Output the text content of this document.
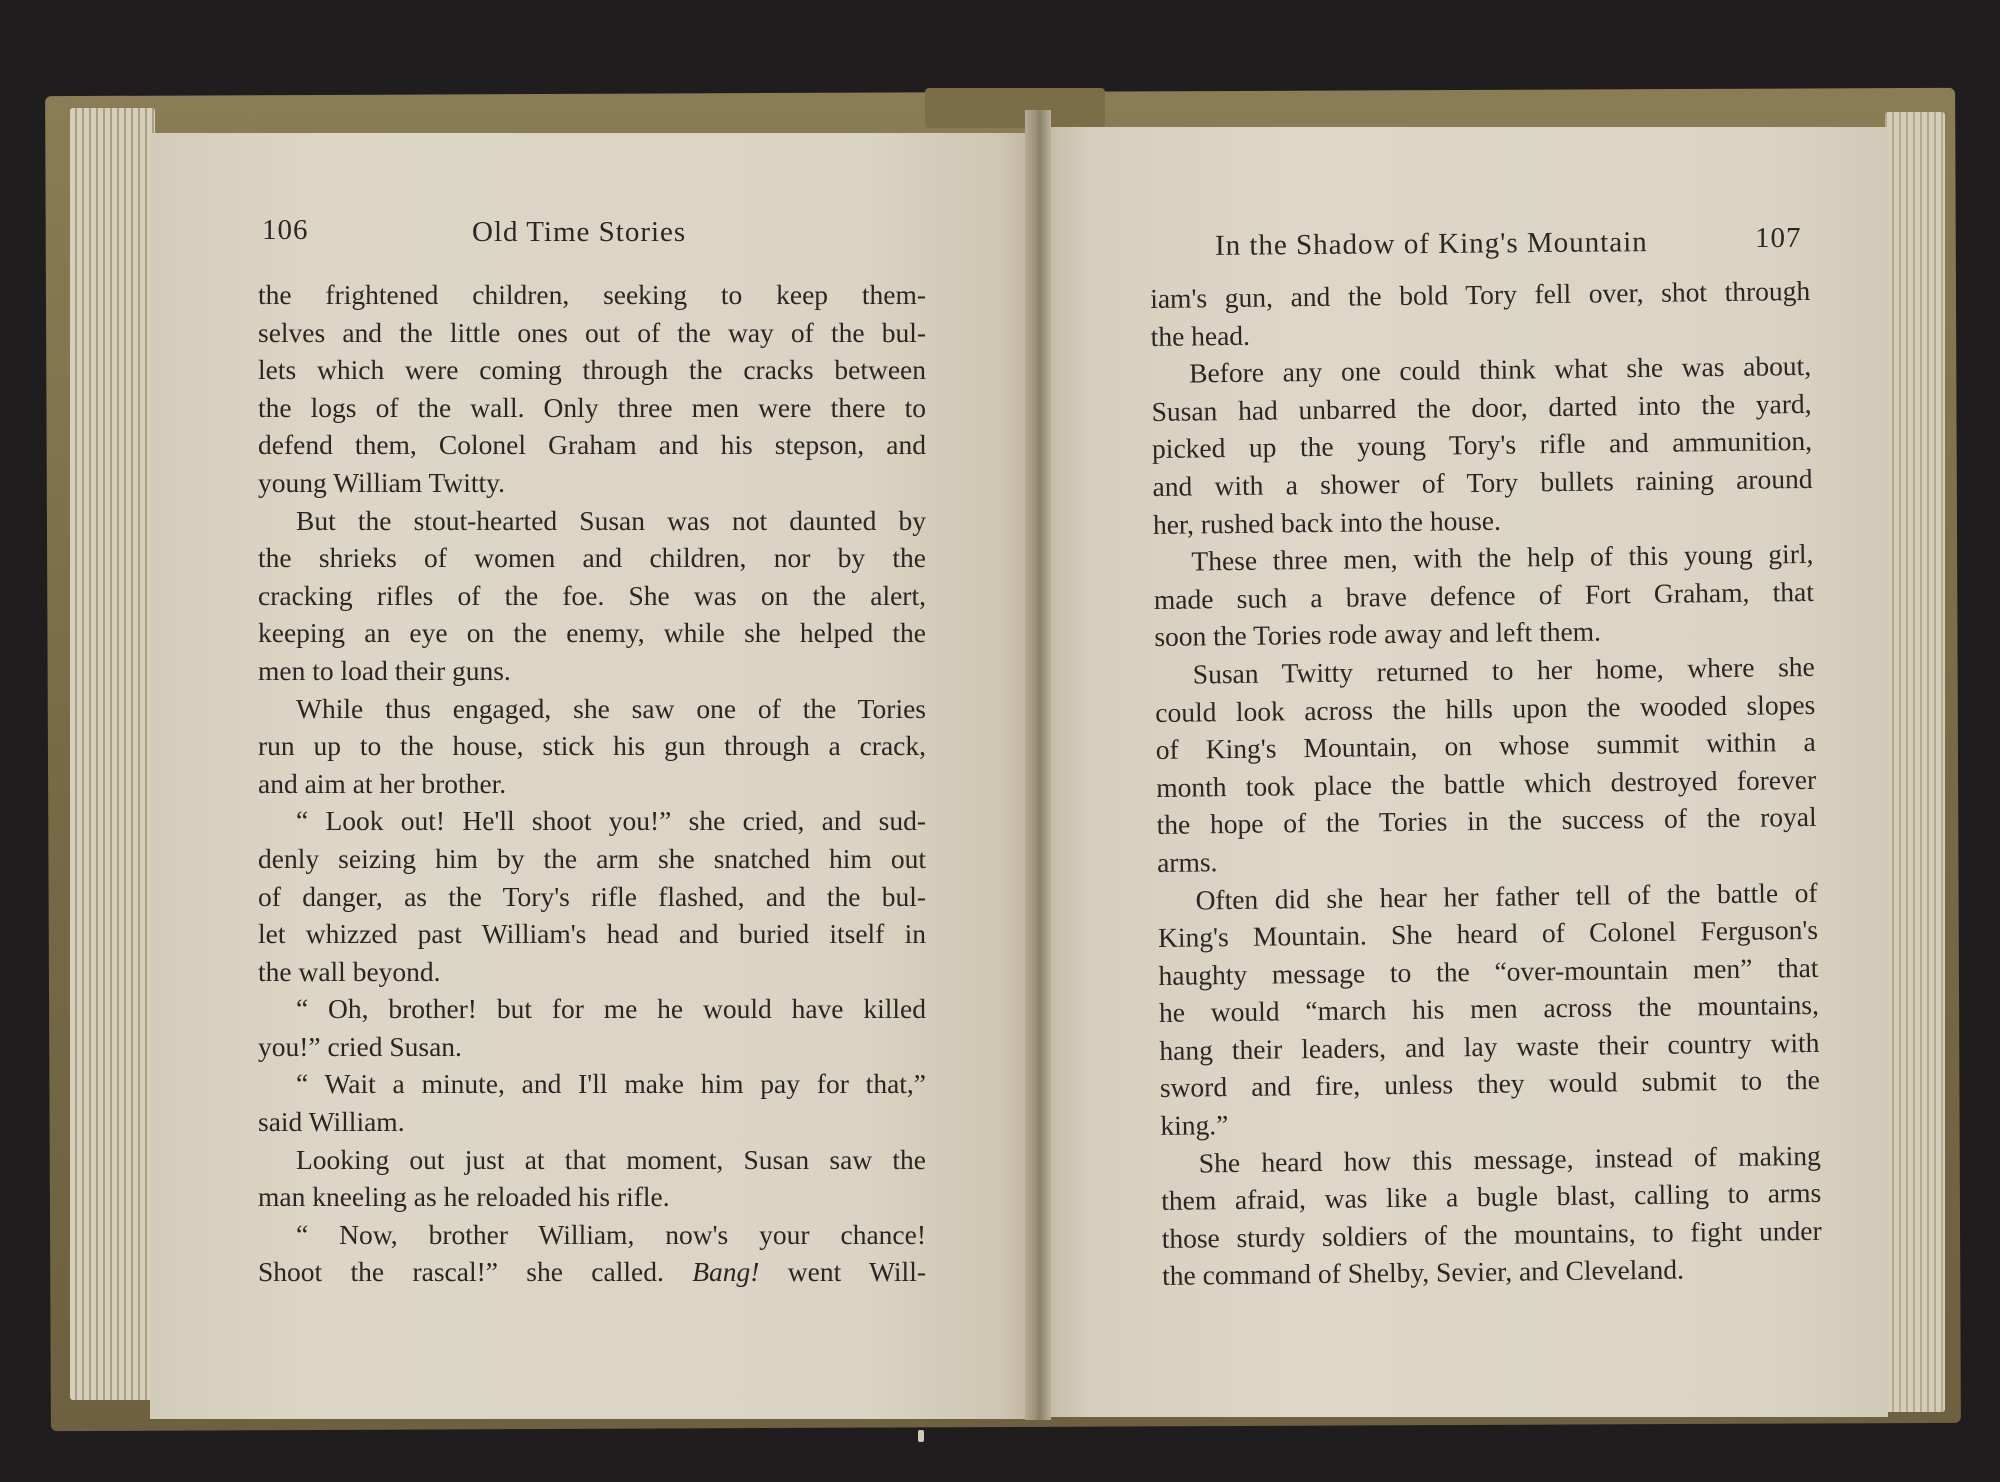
106	Old Time Stories	In the Shadow of King's Mountain	107

the frightened children, seeking to keep them-

selves and the little ones out of the way of the bul-

lets which were coming through the cracks between

the logs of the wall. Only three men were there to

defend them, Colonel Graham and his stepson, and

young William Twitty.

But the stout-hearted Susan was not daunted by

the shrieks of women and children, nor by the

cracking rifles of the foe. She was on the alert,

keeping an eye on the enemy, while she helped the

men to load their guns.

While thus engaged, she saw one of the Tories

run up to the house, stick his gun through a crack,

and aim at her brother.

“ Look out! He'll shoot you!” she cried, and sud-

denly seizing him by the arm she snatched him out

of danger, as the Tory's rifle flashed, and the bul-

let whizzed past William's head and buried itself in

the wall beyond.

“ Oh, brother! but for me he would have killed

you!” cried Susan.

“ Wait a minute, and I'll make him pay for that,”

said William.

Looking out just at that moment, Susan saw the

man kneeling as he reloaded his rifle.

“ Now, brother William, now's your chance!

Shoot the rascal!” she called. Bang! went Will-

iam's gun, and the bold Tory fell over, shot through

the head.

Before any one could think what she was about,

Susan had unbarred the door, darted into the yard,

picked up the young Tory's rifle and ammunition,

and with a shower of Tory bullets raining around

her, rushed back into the house.

These three men, with the help of this young girl,

made such a brave defence of Fort Graham, that

soon the Tories rode away and left them.

Susan Twitty returned to her home, where she

could look across the hills upon the wooded slopes

of King's Mountain, on whose summit within a

month took place the battle which destroyed forever

the hope of the Tories in the success of the royal

arms.

Often did she hear her father tell of the battle of

King's Mountain. She heard of Colonel Ferguson's

haughty message to the “over-mountain men” that

he would “march his men across the mountains,

hang their leaders, and lay waste their country with

sword and fire, unless they would submit to the

king.”

She heard how this message, instead of making

them afraid, was like a bugle blast, calling to arms

those sturdy soldiers of the mountains, to fight under

the command of Shelby, Sevier, and Cleveland.
